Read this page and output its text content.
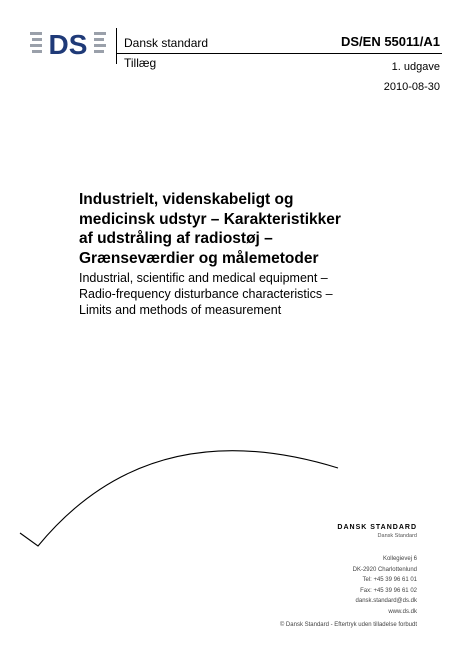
DS	Dansk standard
Tillæg
DS/EN 55011/A1
1. udgave
2010-08-30
Industrielt, videnskabeligt og
medicinsk udstyr – Karakteristikker
af udstråling af radiostøj –
Grænseværdier og målemetoder
Industrial, scientific and medical equipment –
Radio-frequency disturbance characteristics –
Limits and methods of measurement
DANSK STANDARD
Dansk Standard
Kollegievej 6
DK-2920 Charlottenlund
Tel: +45 39 96 61 01
Fax: +45 39 96 61 02
dansk.standard@ds.dk
www.ds.dk
© Dansk Standard - Eftertryk uden tilladelse forbudt
